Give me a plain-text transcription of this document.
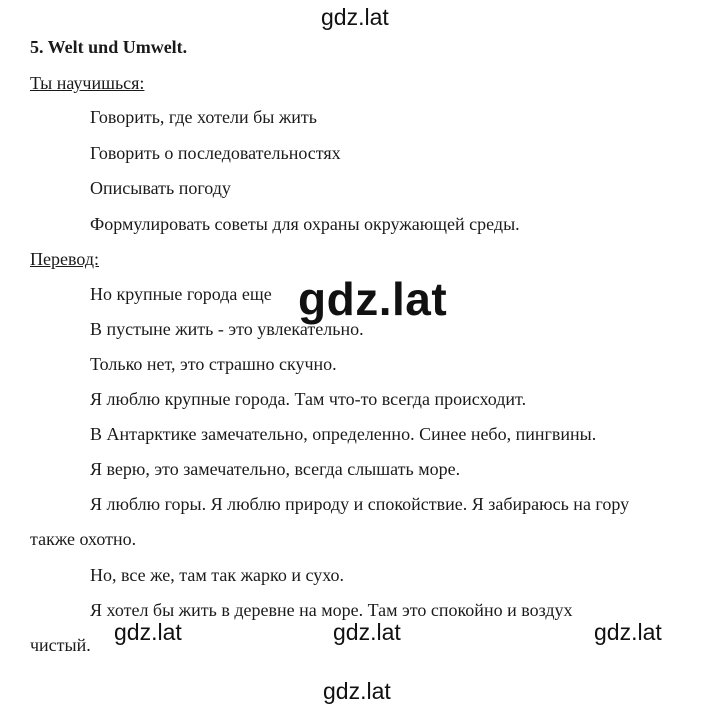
gdz.lat
5. Welt und Umwelt.
Ты научишься:
Говорить, где хотели бы жить
Говорить о последовательностях
Описывать погоду
Формулировать советы для охраны окружающей среды.
Перевод:
Но крупные города еще gdz.lat
В пустыне жить - это увлекательно.
Только нет, это страшно скучно.
Я люблю крупные города. Там что-то всегда происходит.
В Антарктике замечательно, определенно. Синее небо, пингвины.
Я верю, это замечательно, всегда слышать море.
Я люблю горы. Я люблю природу и спокойствие. Я забираюсь на гору
также охотно.
Но, все же, там так жарко и сухо.
Я хотел бы жить в деревне на море. Там это спокойно и воздух
чистый. gdz.lat	gdz.lat	gdz.lat
gdz.lat
